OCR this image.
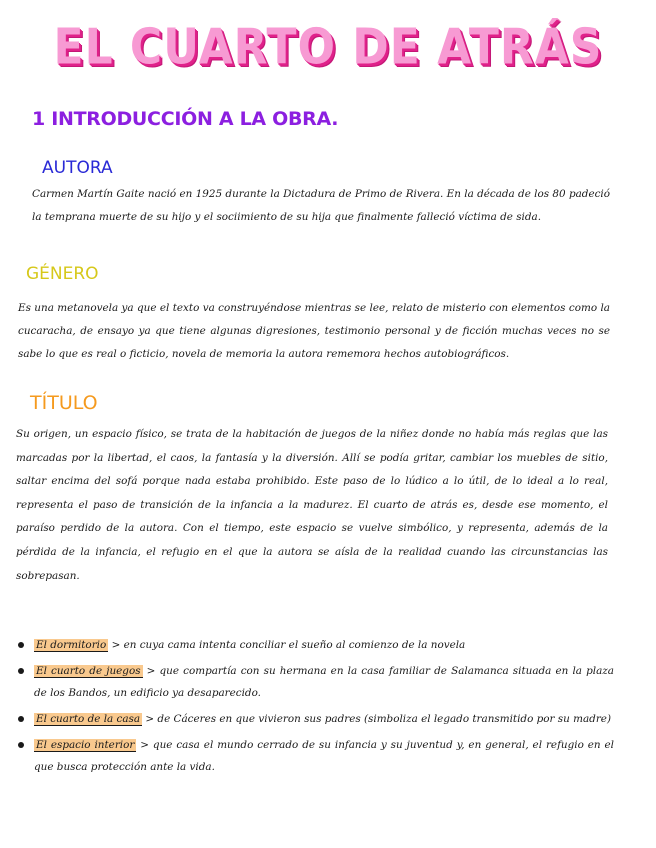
EL CUARTO DE ATRÁS
1 INTRODUCCIÓN A LA OBRA.
AUTORA
Carmen Martín Gaite nació en 1925 durante la Dictadura de Primo de Rivera. En la década de los 80 padeció la temprana muerte de su hijo y el sociimiento de su hija que finalmente falleció víctima de sida.
GÉNERO
Es una metanovela ya que el texto va construyéndose mientras se lee, relato de misterio con elementos como la cucaracha, de ensayo ya que tiene algunas digresiones, testimonio personal y de ficción muchas veces no se sabe lo que es real o ficticio, novela de memoria la autora rememora hechos autobiográficos.
TÍTULO
Su origen, un espacio físico, se trata de la habitación de juegos de la niñez donde no había más reglas que las marcadas por la libertad, el caos, la fantasía y la diversión. Allí se podía gritar, cambiar los muebles de sitio, saltar encima del sofá porque nada estaba prohibido. Este paso de lo lúdico a lo útil, de lo ideal a lo real, representa el paso de transición de la infancia a la madurez. El cuarto de atrás es, desde ese momento, el paraíso perdido de la autora. Con el tiempo, este espacio se vuelve simbólico, y representa, además de la pérdida de la infancia, el refugio en el que la autora se aísla de la realidad cuando las circunstancias las sobrepasan.
El dormitorio > en cuya cama intenta conciliar el sueño al comienzo de la novela
El cuarto de juegos > que compartía con su hermana en la casa familiar de Salamanca situada en la plaza de los Bandos, un edificio ya desaparecido.
El cuarto de la casa > de Cáceres en que vivieron sus padres (simboliza el legado transmitido por su madre)
El espacio interior > que casa el mundo cerrado de su infancia y su juventud y, en general, el refugio en el que busca protección ante la vida.
